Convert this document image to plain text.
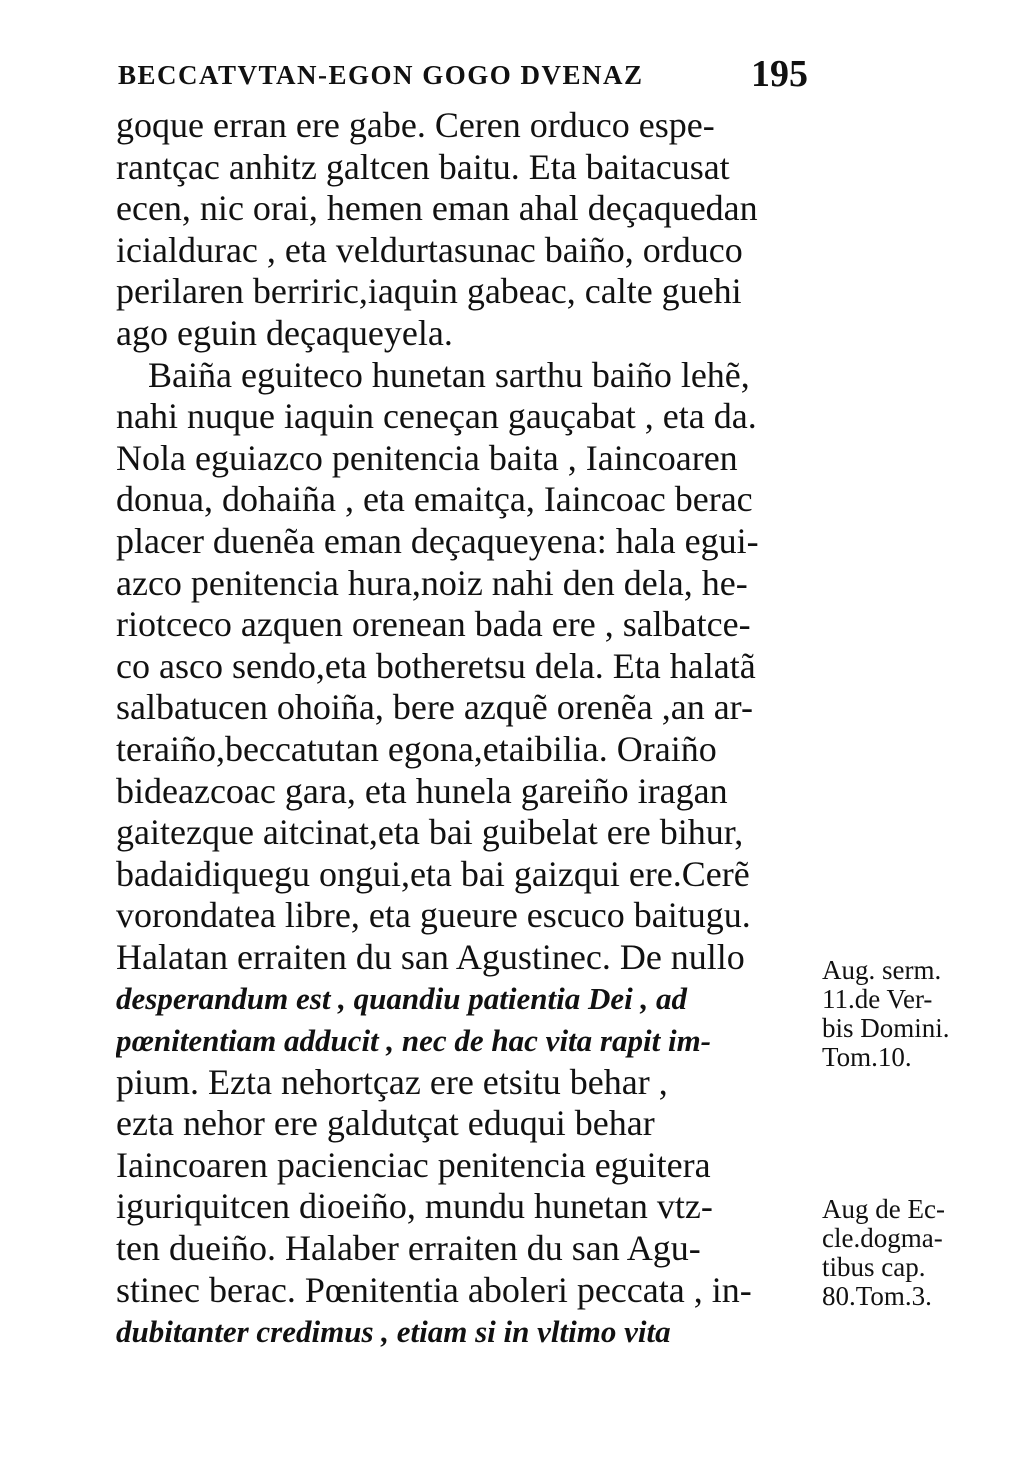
BECCATVTAN-EGON GOGO DVENAZ	195
goque erran ere gabe. Ceren orduco espe-
rantçac anhitz galtcen baitu. Eta baitacusat
ecen, nic orai, hemen eman ahal deçaquedan
icialdurac , eta veldurtasunac baiño, orduco
perilaren berriric,iaquin gabeac, calte guehi
ago eguin deçaqueyela.
Baiña eguiteco hunetan sarthu baiño lehẽ,
nahi nuque iaquin ceneçan gauçabat , eta da.
Nola eguiazco penitencia baita , Iaincoaren
donua, dohaiña , eta emaitça, Iaincoac berac
placer duenẽa eman deçaqueyena: hala egui-
azco penitencia hura,noiz nahi den dela, he-
riotceco azquen orenean bada ere , salbatce-
co asco sendo,eta botheretsu dela. Eta halatã
salbatucen ohoiña, bere azquẽ orenẽa ,an ar-
teraiño,beccatutan egona,etaibilia. Oraiño
bideazcoac gara, eta hunela gareiño iragan
gaitezque aitcinat,eta bai guibelat ere bihur,
badaidiquegu ongui,eta bai gaizqui ere.Cerẽ
vorondatea libre, eta gueure escuco baitugu.
Halatan erraiten du san Agustinec. De nullo
desperandum est , quandiu patientia Dei , ad
pœnitentiam adducit , nec de hac vita rapit im-
pium. Ezta nehortçaz ere etsitu behar ,
ezta nehor ere galdutçat eduqui behar
Iaincoaren pacienciac penitencia eguitera
iguriquitcen dioeiño, mundu hunetan vtz-
ten dueiño. Halaber erraiten du san Agu-
stinec berac. Pœnitentia aboleri peccata , in-
dubitanter credimus , etiam si in vltimo vita
Aug. serm.
11.de Ver-
bis Domini.
Tom.10.
Aug de Ec-
cle.dogma-
tibus cap.
80.Tom.3.
